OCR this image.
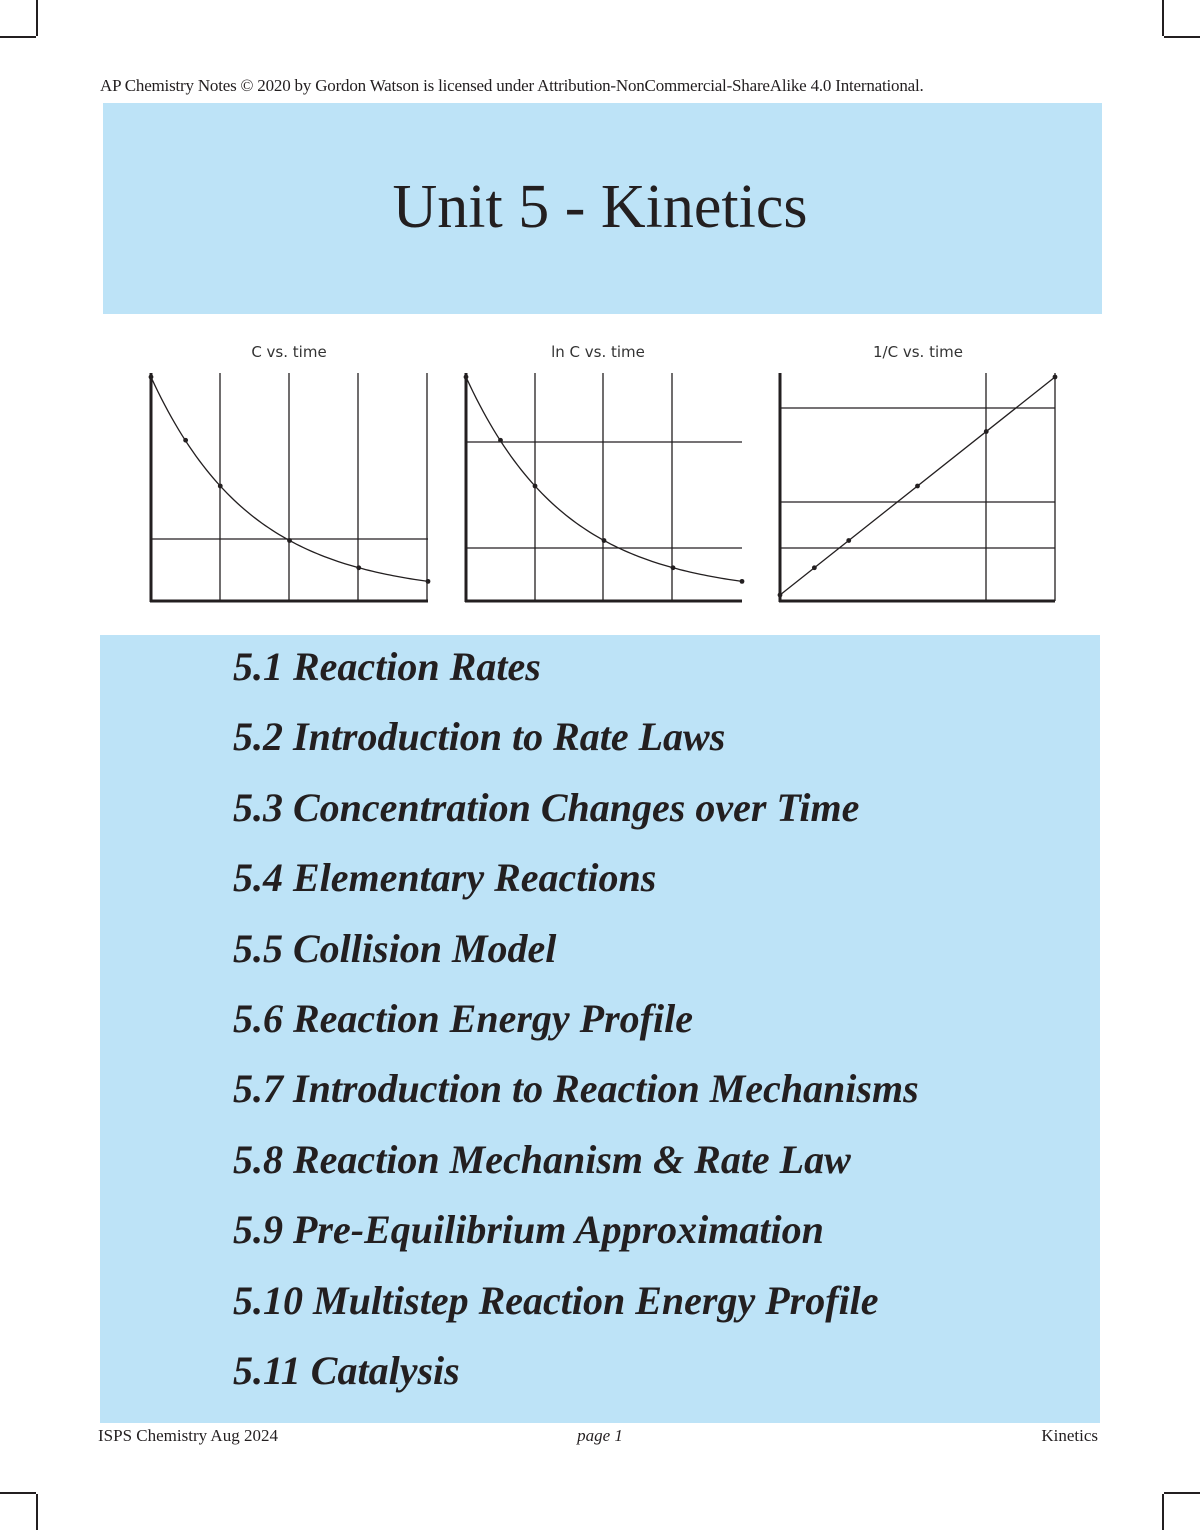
AP Chemistry Notes © 2020 by Gordon Watson is licensed under Attribution-NonCommercial-ShareAlike 4.0 International.
Unit 5 - Kinetics
C vs. time	ln C vs. time	1/C vs. time
5.1 Reaction Rates
5.2 Introduction to Rate Laws
5.3 Concentration Changes over Time
5.4 Elementary Reactions
5.5 Collision Model
5.6 Reaction Energy Profile
5.7 Introduction to Reaction Mechanisms
5.8 Reaction Mechanism & Rate Law
5.9 Pre-Equilibrium Approximation
5.10 Multistep Reaction Energy Profile
5.11 Catalysis
ISPS Chemistry Aug 2024	page 1	Kinetics
